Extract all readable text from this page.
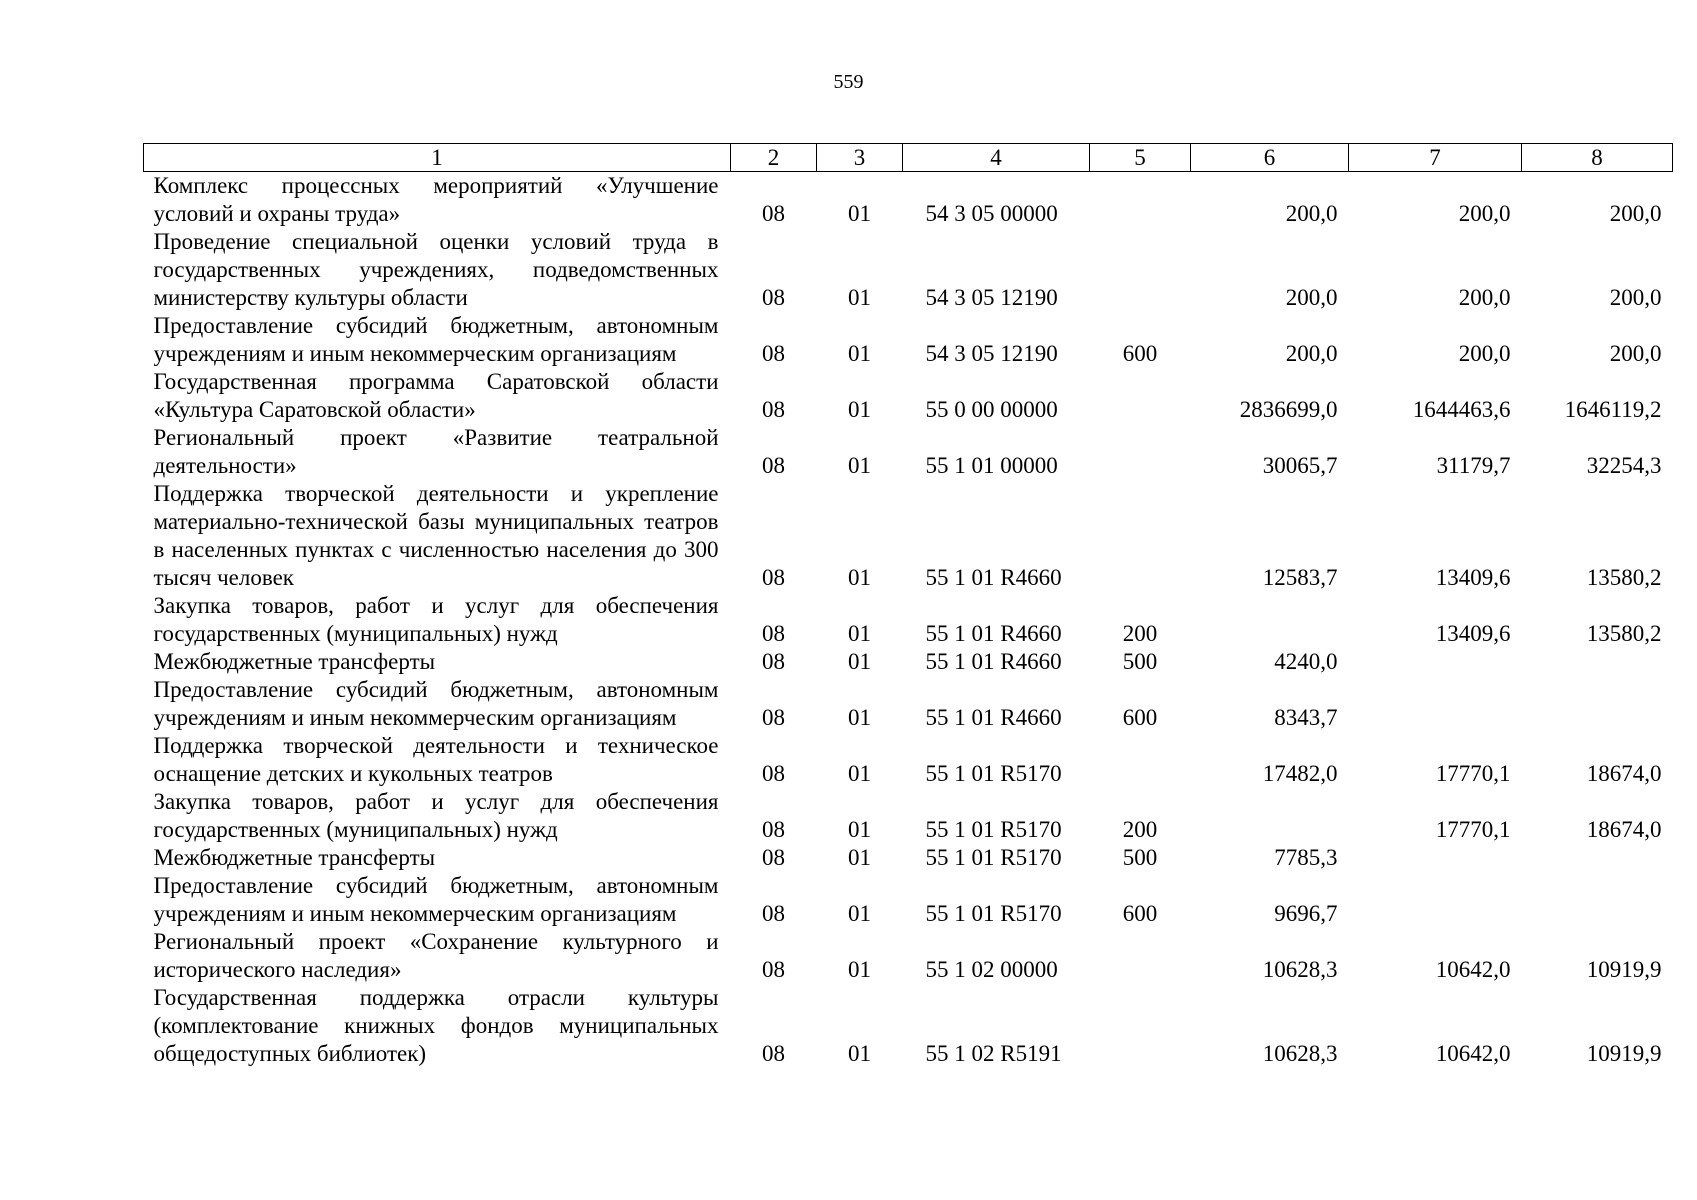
559
1	2	3	4	5	6	7	8
Комплекс процессных мероприятий «Улучшение условий и охраны труда»	08	01	54 3 05 00000		200,0	200,0	200,0
Проведение специальной оценки условий труда в государственных учреждениях, подведомственных министерству культуры области	08	01	54 3 05 12190		200,0	200,0	200,0
Предоставление субсидий бюджетным, автономным учреждениям и иным некоммерческим организациям	08	01	54 3 05 12190	600	200,0	200,0	200,0
Государственная программа Саратовской области «Культура Саратовской области»	08	01	55 0 00 00000		2836699,0	1644463,6	1646119,2
Региональный проект «Развитие театральной деятельности»	08	01	55 1 01 00000		30065,7	31179,7	32254,3
Поддержка творческой деятельности и укрепление материально-технической базы муниципальных театров в населенных пунктах с численностью населения до 300 тысяч человек	08	01	55 1 01 R4660		12583,7	13409,6	13580,2
Закупка товаров, работ и услуг для обеспечения государственных (муниципальных) нужд	08	01	55 1 01 R4660	200		13409,6	13580,2
Межбюджетные трансферты	08	01	55 1 01 R4660	500	4240,0		
Предоставление субсидий бюджетным, автономным учреждениям и иным некоммерческим организациям	08	01	55 1 01 R4660	600	8343,7		
Поддержка творческой деятельности и техническое оснащение детских и кукольных театров	08	01	55 1 01 R5170		17482,0	17770,1	18674,0
Закупка товаров, работ и услуг для обеспечения государственных (муниципальных) нужд	08	01	55 1 01 R5170	200		17770,1	18674,0
Межбюджетные трансферты	08	01	55 1 01 R5170	500	7785,3		
Предоставление субсидий бюджетным, автономным учреждениям и иным некоммерческим организациям	08	01	55 1 01 R5170	600	9696,7		
Региональный проект «Сохранение культурного и исторического наследия»	08	01	55 1 02 00000		10628,3	10642,0	10919,9
Государственная поддержка отрасли культуры (комплектование книжных фондов муниципальных общедоступных библиотек)	08	01	55 1 02 R5191		10628,3	10642,0	10919,9
